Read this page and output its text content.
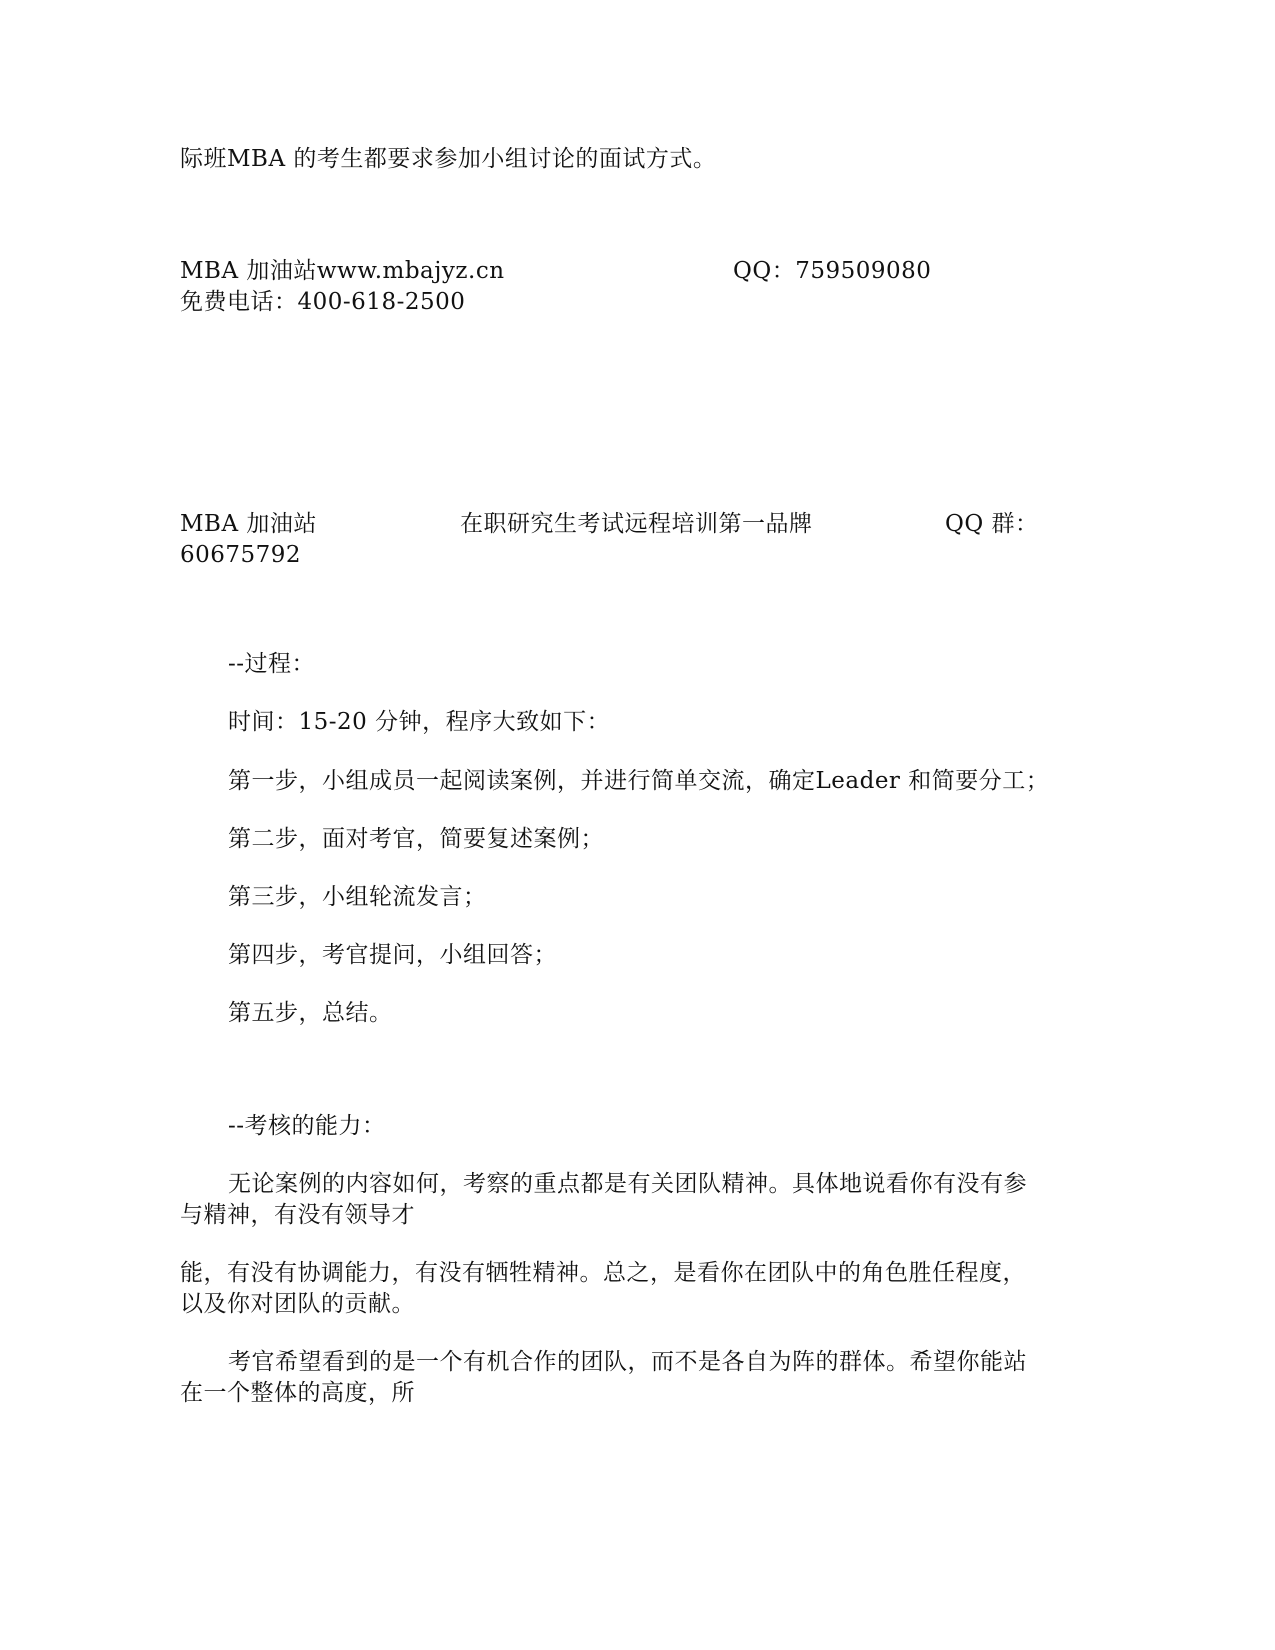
际班MBA 的考生都要求参加小组讨论的面试方式。
MBA 加油站www.mbajyz.cn	QQ：759509080
免费电话：400-618-2500
MBA 加油站	在职研究生考试远程培训第一品牌	QQ 群：
60675792
--过程：
时间：15-20 分钟，程序大致如下：
第一步，小组成员一起阅读案例，并进行简单交流，确定Leader 和简要分工；
第二步，面对考官，简要复述案例；
第三步，小组轮流发言；
第四步，考官提问，小组回答；
第五步，总结。
--考核的能力：
无论案例的内容如何，考察的重点都是有关团队精神。具体地说看你有没有参
与精神，有没有领导才
能，有没有协调能力，有没有牺牲精神。总之，是看你在团队中的角色胜任程度，
以及你对团队的贡献。
考官希望看到的是一个有机合作的团队，而不是各自为阵的群体。希望你能站
在一个整体的高度，所
